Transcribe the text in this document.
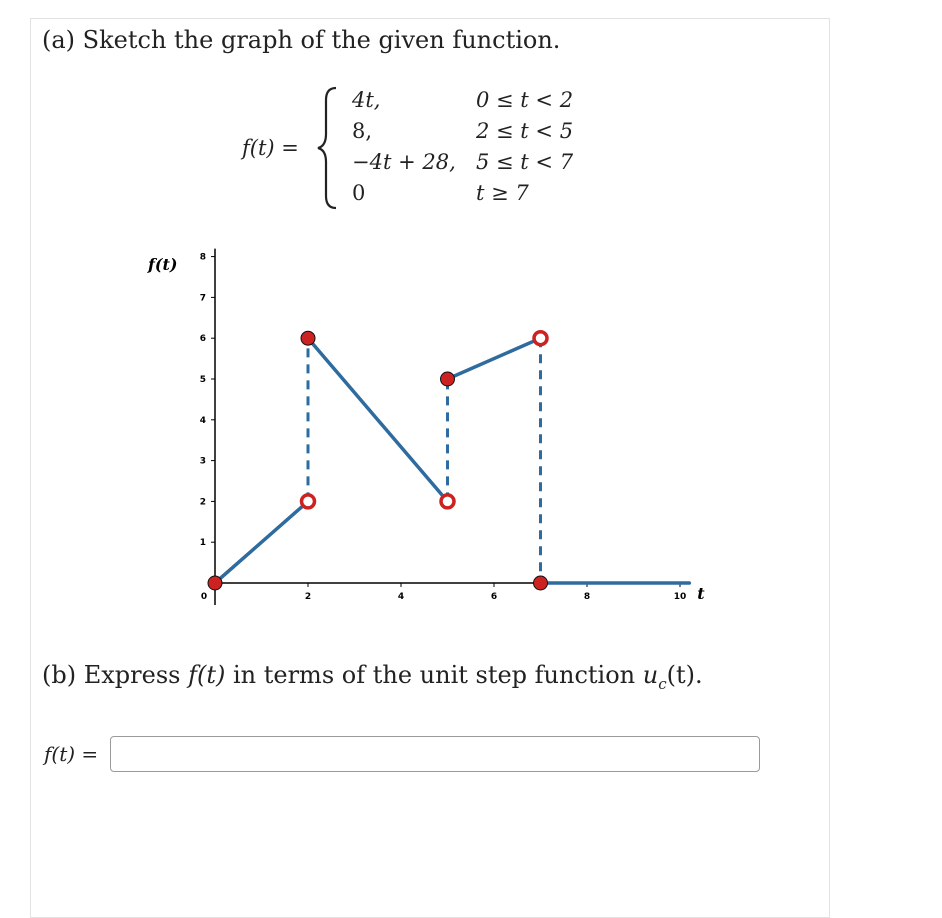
(a) Sketch the graph of the given function.
f(t) =
4t,	0 ≤ t < 2
8,	2 ≤ t < 5
−4t + 28, 5 ≤ t < 7
0	t ≥ 7
1
2
3
4
5
6
7
8
0	2	4	6	8	10
f(t)
t
(b) Express f(t) in terms of the unit step function $u_c(t)$.
f(t) =
